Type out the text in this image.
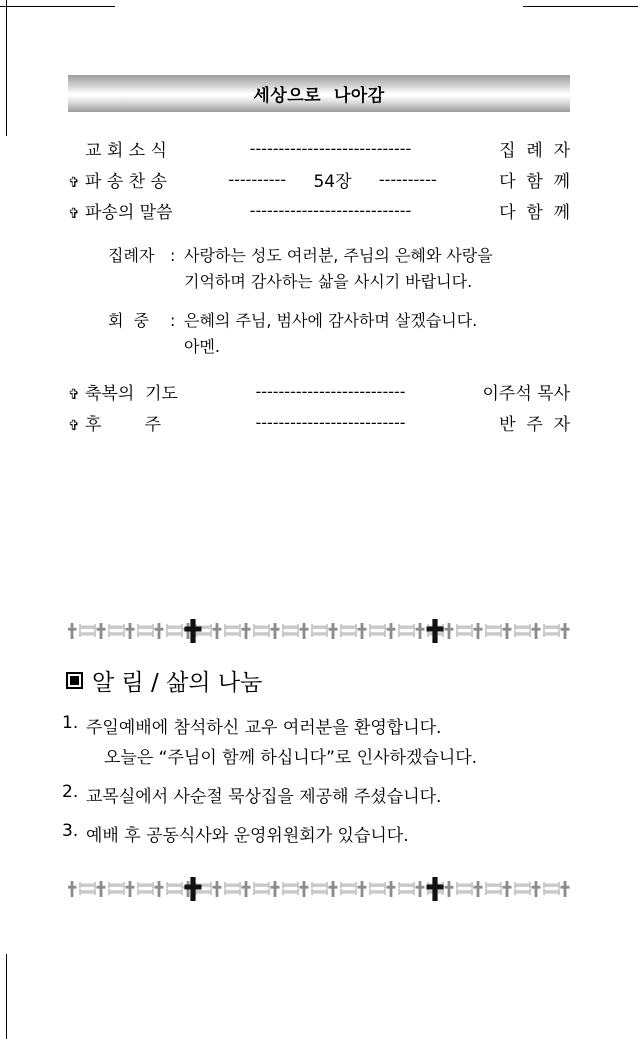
세상으로  나아감
교 회 소 식	----------------------------	집  례  자
✞ 파 송 찬 송	----------	54장	----------	다  함  께
✞ 파송의 말씀	----------------------------	다  함  께
집례자 : 사랑하는 성도 여러분, 주님의 은혜와 사랑을
기억하며 감사하는 삶을 사시기 바랍니다.
회  중	: 은혜의 주님, 범사에 감사하며 살겠습니다.
아멘.
✞ 축복의  기도	--------------------------	이주석 목사
✞ 후        주	--------------------------	반  주  자
알 림 / 삶의 나눔
1. 주일예배에 참석하신 교우 여러분을 환영합니다.
오늘은 “주님이 함께 하십니다”로 인사하겠습니다.
2. 교목실에서 사순절 묵상집을 제공해 주셨습니다.
3. 예배 후 공동식사와 운영위원회가 있습니다.
